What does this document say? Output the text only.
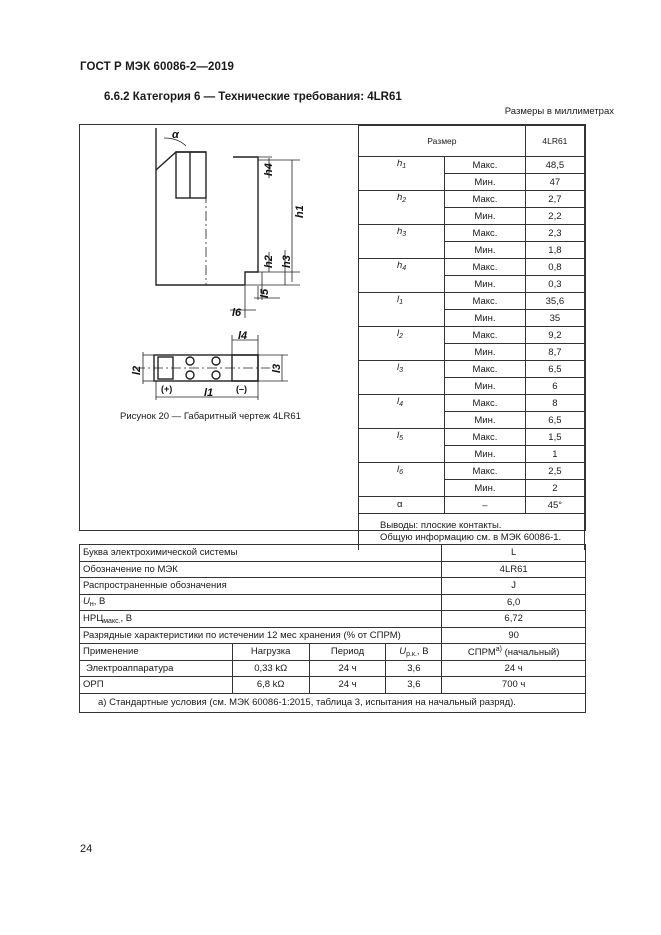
ГОСТ Р МЭК 60086-2—2019
6.6.2 Категория 6 — Технические требования: 4LR61
Размеры в миллиметрах
α
h1
h4
h2 h3
l5
l6
l4
l2	l3
l1
(+)	(–)
Рисунок 20 — Габаритный чертеж 4LR61
Размер		4LR61
$h_1$	Макс.	48,5
	Мин.	47
$h_2$	Макс.	2,7
	Мин.	2,2
$h_3$	Макс.	2,3
	Мин.	1,8
$h_4$	Макс.	0,8
	Мин.	0,3
$l_1$	Макс.	35,6
	Мин.	35
$l_2$	Макс.	9,2
	Мин.	8,7
$l_3$	Макс.	6,5
	Мин.	6
$l_4$	Макс.	8
	Мин.	6,5
$l_5$	Макс.	1,5
	Мин.	1
$l_6$	Макс.	2,5
	Мин.	2
α	–	45°

Выводы: плоские контакты.
Общую информацию см. в МЭК 60086-1.		
Буква электрохимической системы				L
Обозначение по МЭК				4LR61
Распространенные обозначения				J
$U_н$, В				6,0
$НРЦ_{макс.}$, В				6,72
Разрядные характеристики по истечении 12 мес хранения (% от СПРМ)				90
Применение	Нагрузка	Период	$U_{р.к.}$, В	СПРМ$^{a)}$ (начальный)
Электроаппаратура	0,33 kΩ	24 ч	3,6	24 ч
ОРП	6,8 kΩ	24 ч	3,6	700 ч
a) Стандартные условия (см. МЭК 60086-1:2015, таблица 3, испытания на начальный разряд).				
24
